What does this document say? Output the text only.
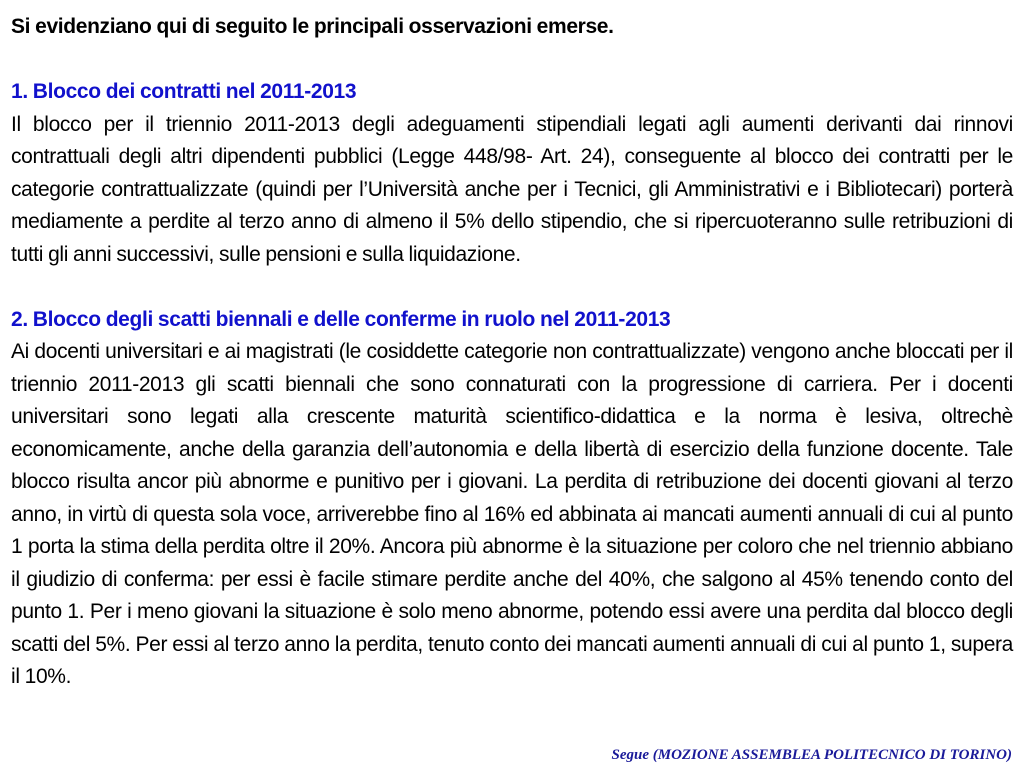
Si evidenziano qui di seguito le principali osservazioni emerse.

1. Blocco dei contratti nel 2011-2013

Il blocco per il triennio 2011-2013 degli adeguamenti stipendiali legati agli aumenti derivanti dai rinnovi contrattuali degli altri dipendenti pubblici (Legge 448/98- Art. 24), conseguente al blocco dei contratti per le categorie contrattualizzate (quindi per l’Università anche per i Tecnici, gli Amministrativi e i Bibliotecari) porterà mediamente a perdite al terzo anno di almeno il 5% dello stipendio, che si ripercuoteranno sulle retribuzioni di tutti gli anni successivi, sulle pensioni e sulla liquidazione.

2. Blocco degli scatti biennali e delle conferme in ruolo nel 2011-2013

Ai docenti universitari e ai magistrati (le cosiddette categorie non contrattualizzate) vengono anche bloccati per il triennio 2011-2013 gli scatti biennali che sono connaturati con la progressione di carriera. Per i docenti universitari sono legati alla crescente maturità scientifico-didattica e la norma è lesiva, oltrechè economicamente, anche della garanzia dell’autonomia e della libertà di esercizio della funzione docente. Tale blocco risulta ancor più abnorme e punitivo per i giovani. La perdita di retribuzione dei docenti giovani al terzo anno, in virtù di questa sola voce, arriverebbe fino al 16% ed abbinata ai mancati aumenti annuali di cui al punto 1 porta la stima della perdita oltre il 20%. Ancora più abnorme è la situazione per coloro che nel triennio abbiano il giudizio di conferma: per essi è facile stimare perdite anche del 40%, che salgono al 45% tenendo conto del punto 1. Per i meno giovani la situazione è solo meno abnorme, potendo essi avere una perdita dal blocco degli scatti del 5%. Per essi al terzo anno la perdita, tenuto conto dei mancati aumenti annuali di cui al punto 1, supera il 10%.

Segue (MOZIONE ASSEMBLEA POLITECNICO DI TORINO)
